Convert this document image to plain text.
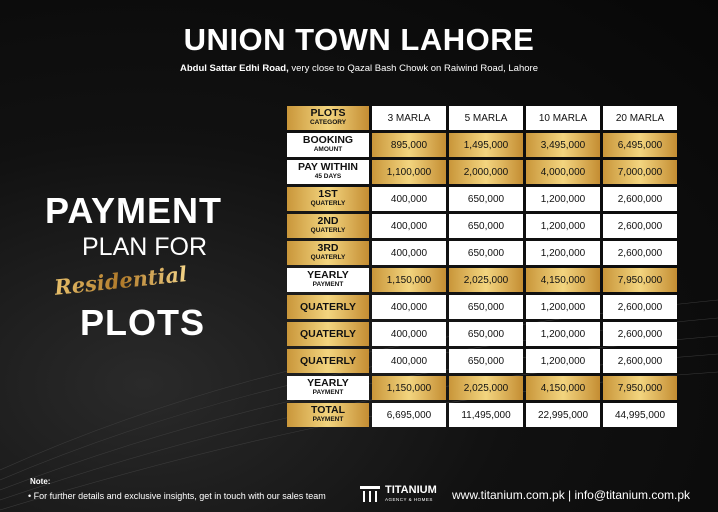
UNION TOWN LAHORE
Abdul Sattar Edhi Road, very close to Qazal Bash Chowk on Raiwind Road, Lahore
PAYMENT
PLAN FOR
Residential
PLOTS
PLOTS
CATEGORY	3 MARLA	5 MARLA	10 MARLA	20 MARLA

BOOKING
AMOUNT	895,000	1,495,000	3,495,000	6,495,000

PAY WITHIN
45 DAYS	1,100,000	2,000,000	4,000,000	7,000,000

1ST
QUATERLY	400,000	650,000	1,200,000	2,600,000

2ND
QUATERLY	400,000	650,000	1,200,000	2,600,000

3RD
QUATERLY	400,000	650,000	1,200,000	2,600,000

YEARLY
PAYMENT	1,150,000	2,025,000	4,150,000	7,950,000

QUATERLY	400,000	650,000	1,200,000	2,600,000

QUATERLY	400,000	650,000	1,200,000	2,600,000

QUATERLY	400,000	650,000	1,200,000	2,600,000

YEARLY
PAYMENT	1,150,000	2,025,000	4,150,000	7,950,000

TOTAL
PAYMENT	6,695,000	11,495,000	22,995,000	44,995,000
Note:
• For further details and exclusive insights, get in touch with our sales team	TITANIUM
AGENCY & HOMES www.titanium.com.pk | info@titanium.com.pk
